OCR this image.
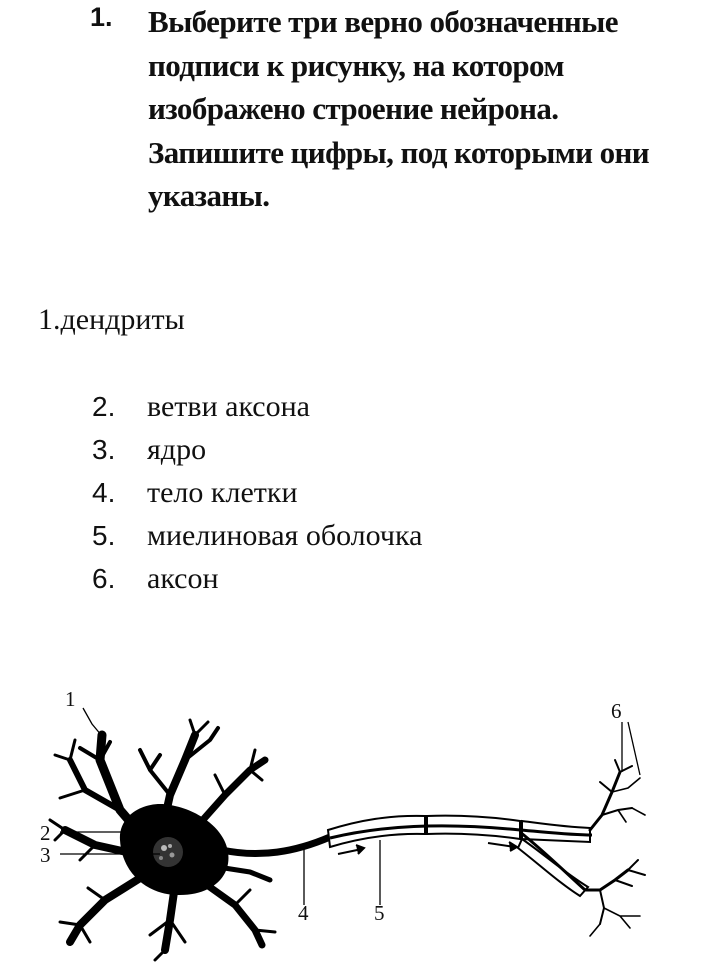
1. Выберите три верно обозначенные подписи к рисунку, на котором изображено строение нейрона. Запишите цифры, под которыми они указаны.
1.дендриты
2. ветви аксона
3. ядро
4. тело клетки
5. миелиновая оболочка
6. аксон
1
2
3
4	5
6
